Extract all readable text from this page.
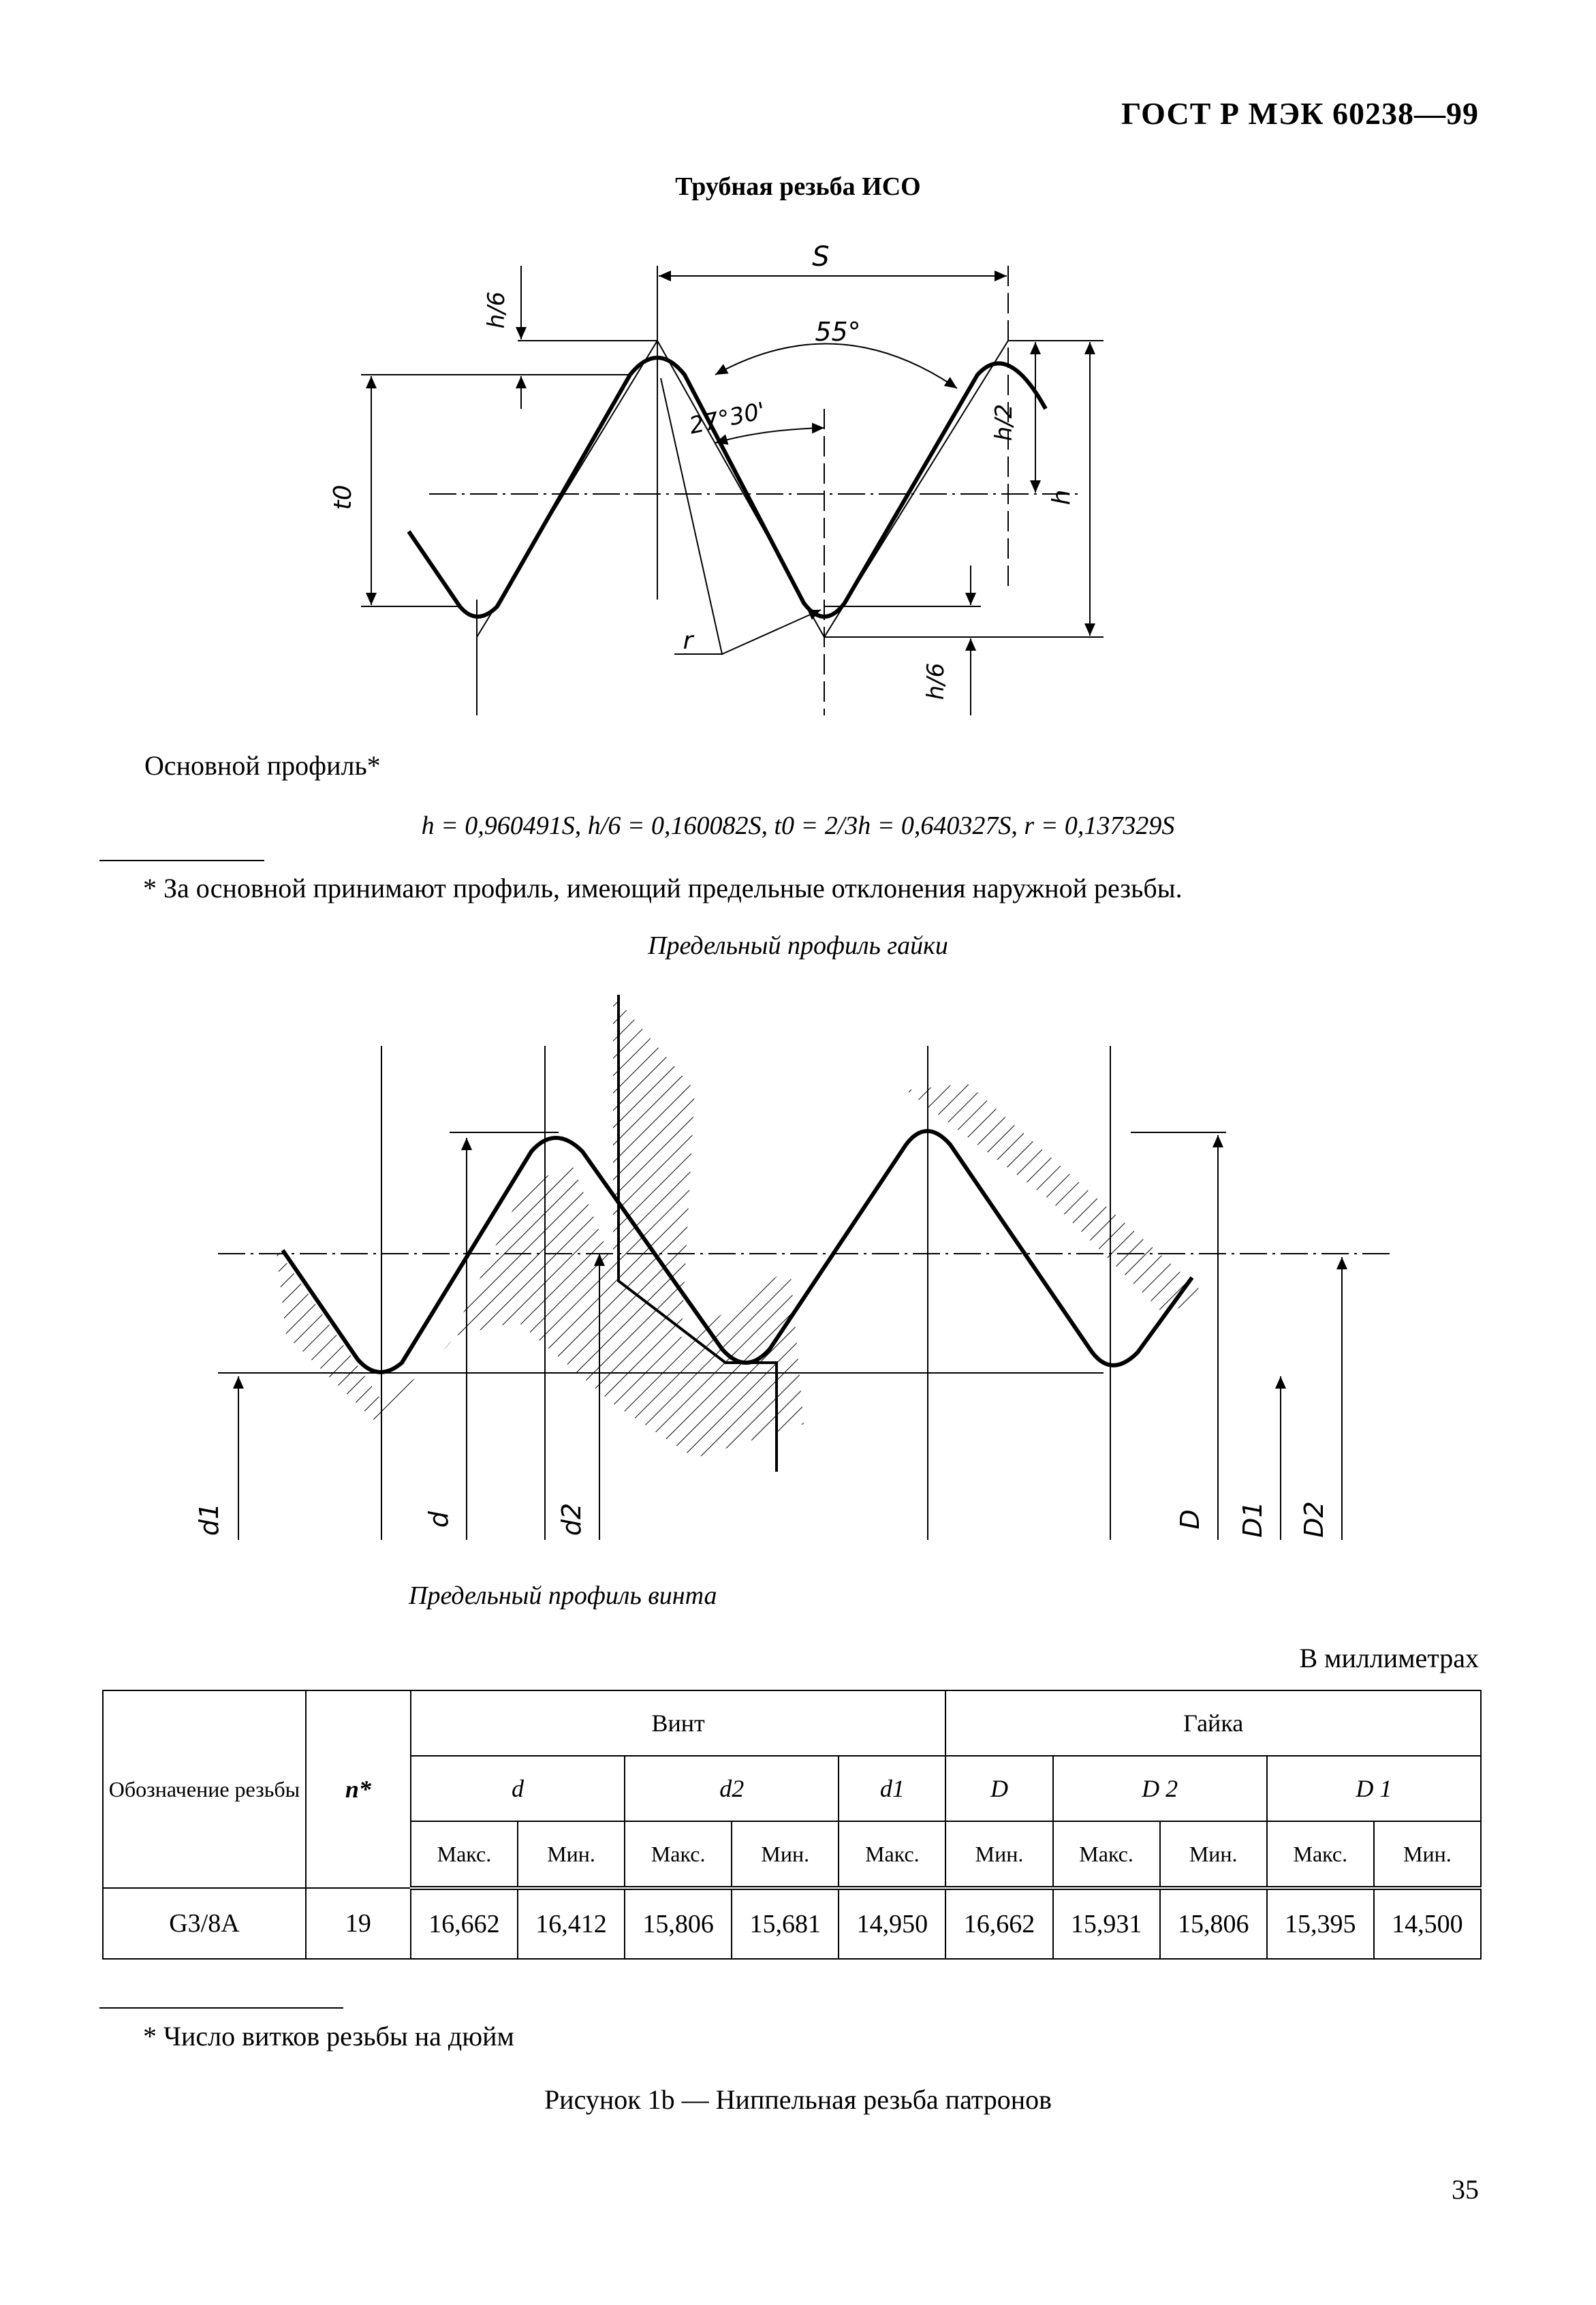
ГОСТ Р МЭК 60238—99
Трубная резьба ИСО
S
55°
27°30'
h/6
t0
h/6
h/2
h
r
Основной профиль*
h = 0,960491S, h/6 = 0,160082S, t0 = 2/3h = 0,640327S, r = 0,137329S
* За основной принимают профиль, имеющий предельные отклонения наружной резьбы.
Предельный профиль гайки
d1	d	d2	D D1 D2
Предельный профиль винта
В миллиметрах
Обозначение резьбы	n*	Винт					Гайка				
		d		d2		d1	D	D 2		D 1	
		Макс.	Мин.	Макс.	Мин.	Макс.	Мин.	Макс.	Мин.	Макс.	Мин.
G3/8A	19	16,662	16,412	15,806	15,681	14,950	16,662	15,931	15,806	15,395	14,500
* Число витков резьбы на дюйм
Рисунок 1b — Ниппельная резьба патронов
35
